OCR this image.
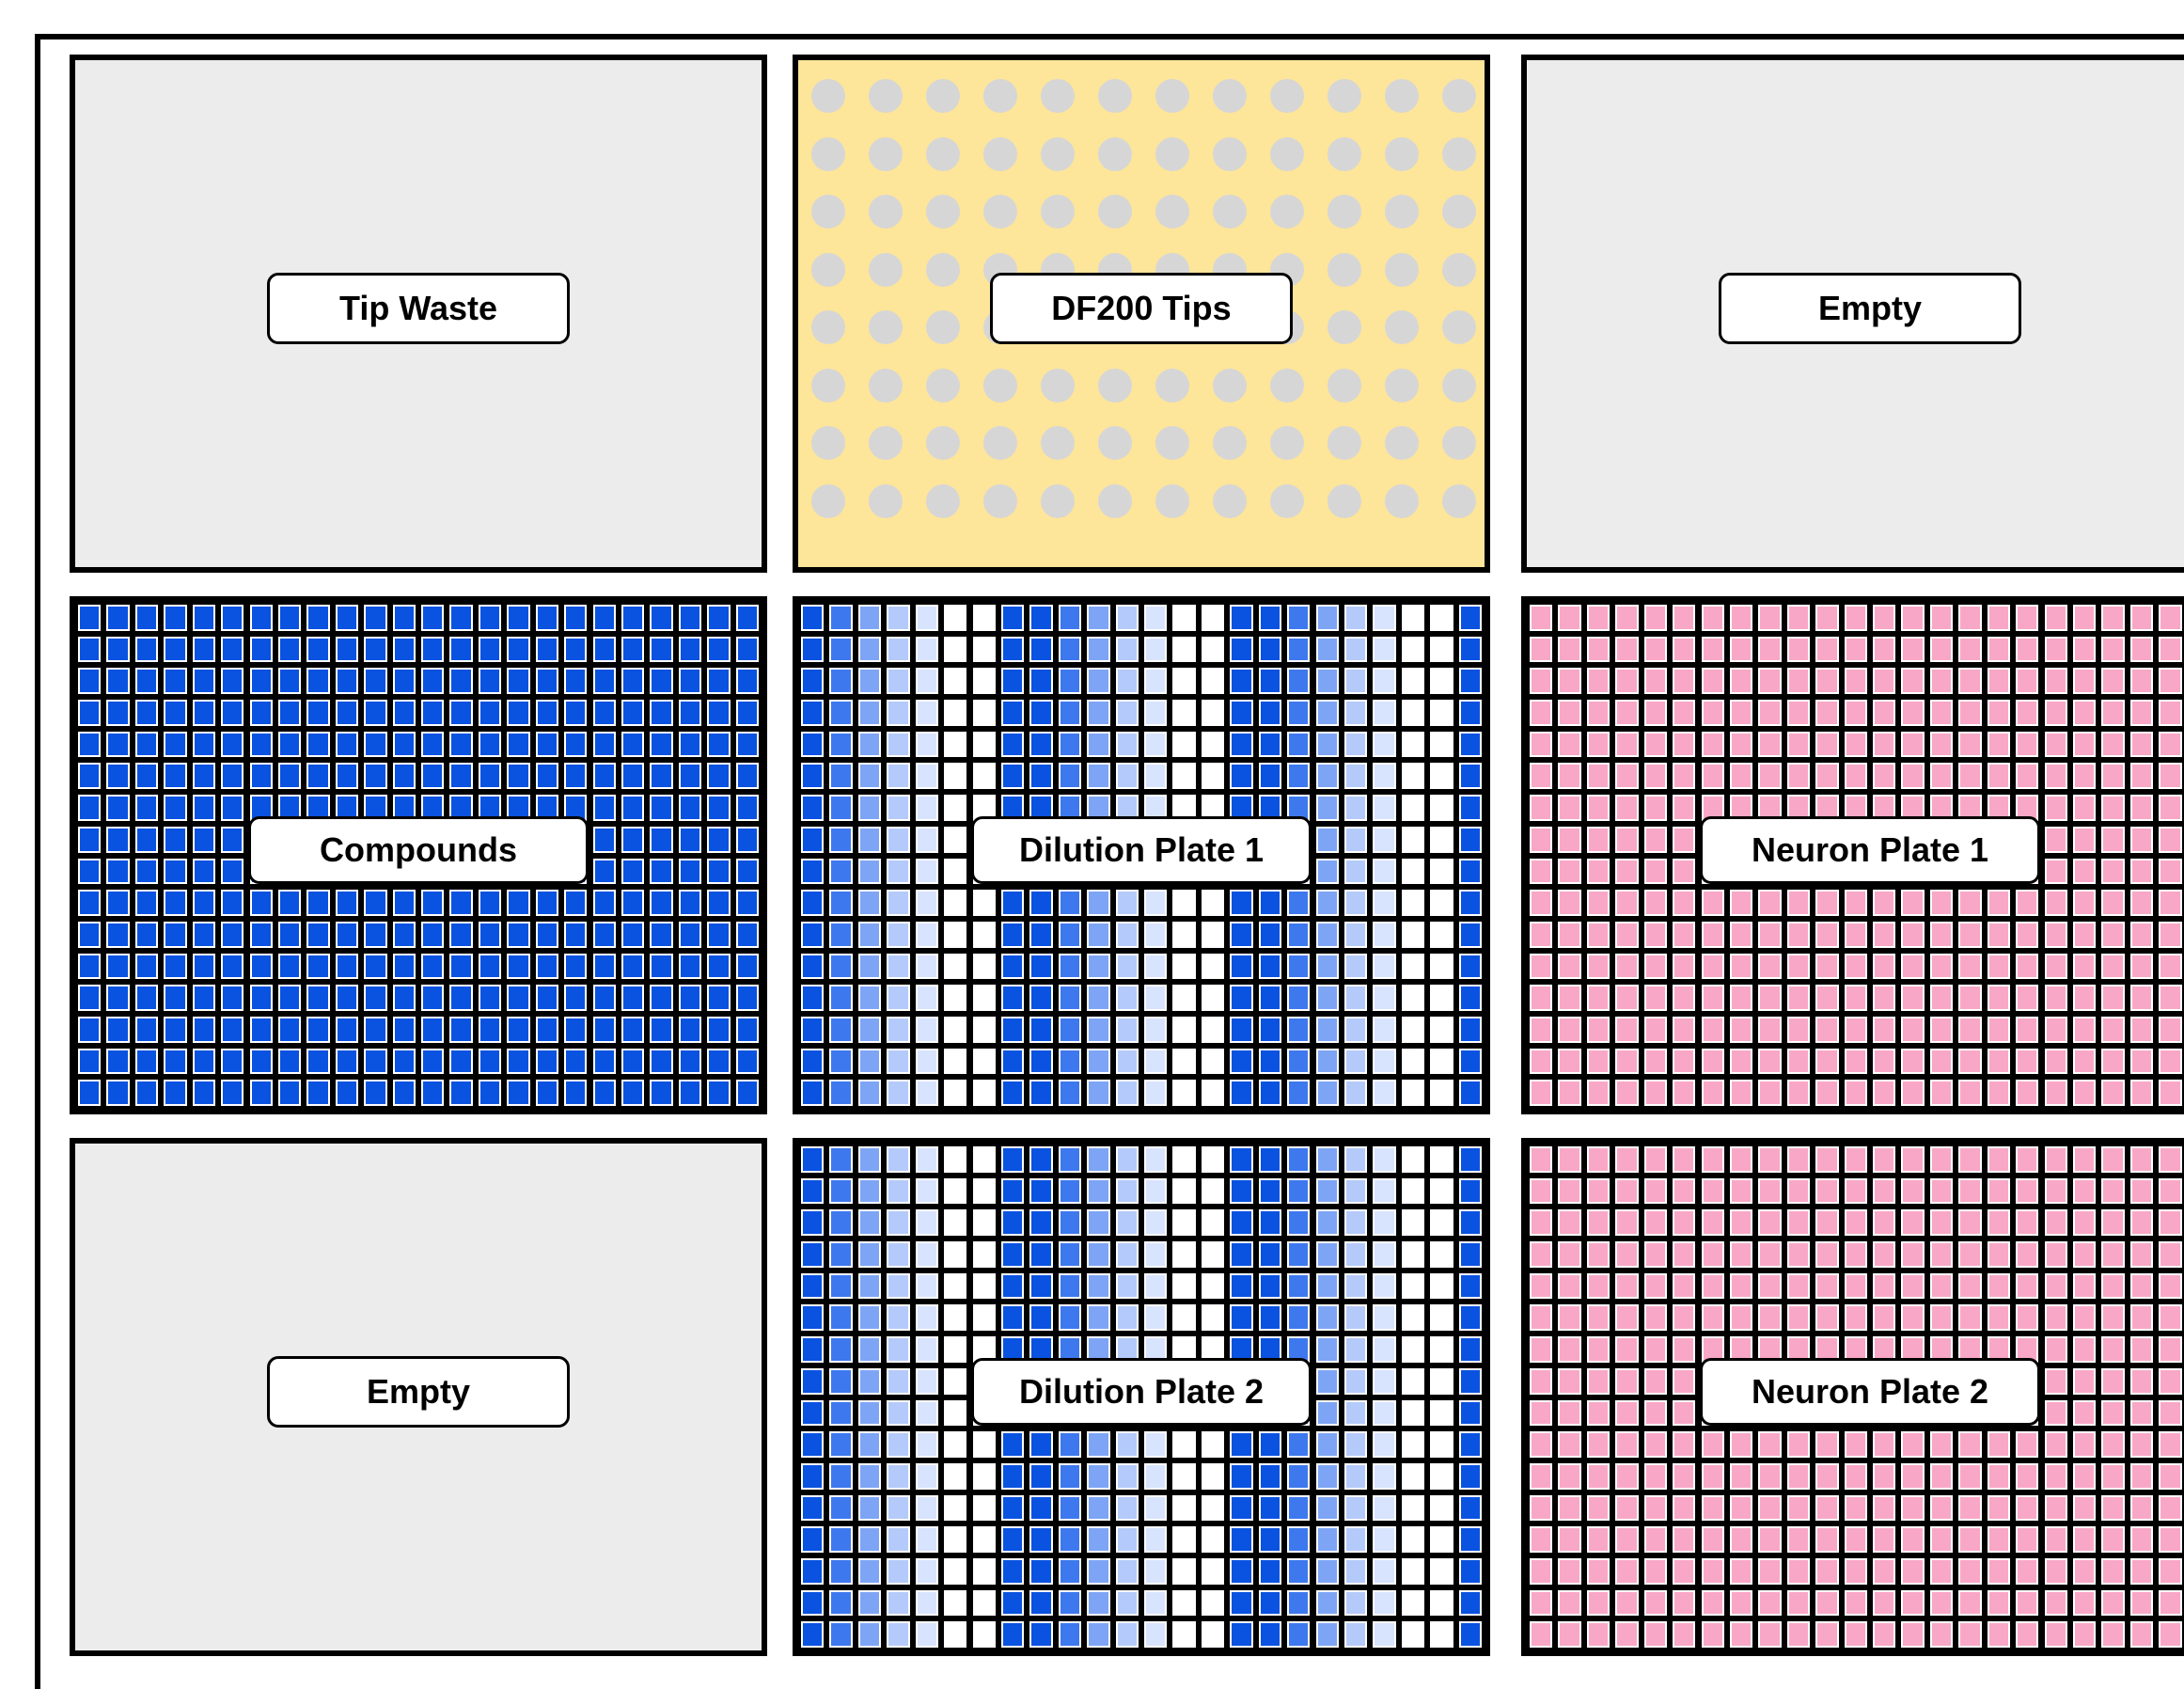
Tip Waste	DF200 Tips	Empty
Compounds	Dilution Plate 1	Neuron Plate 1
Empty	Dilution Plate 2	Neuron Plate 2
